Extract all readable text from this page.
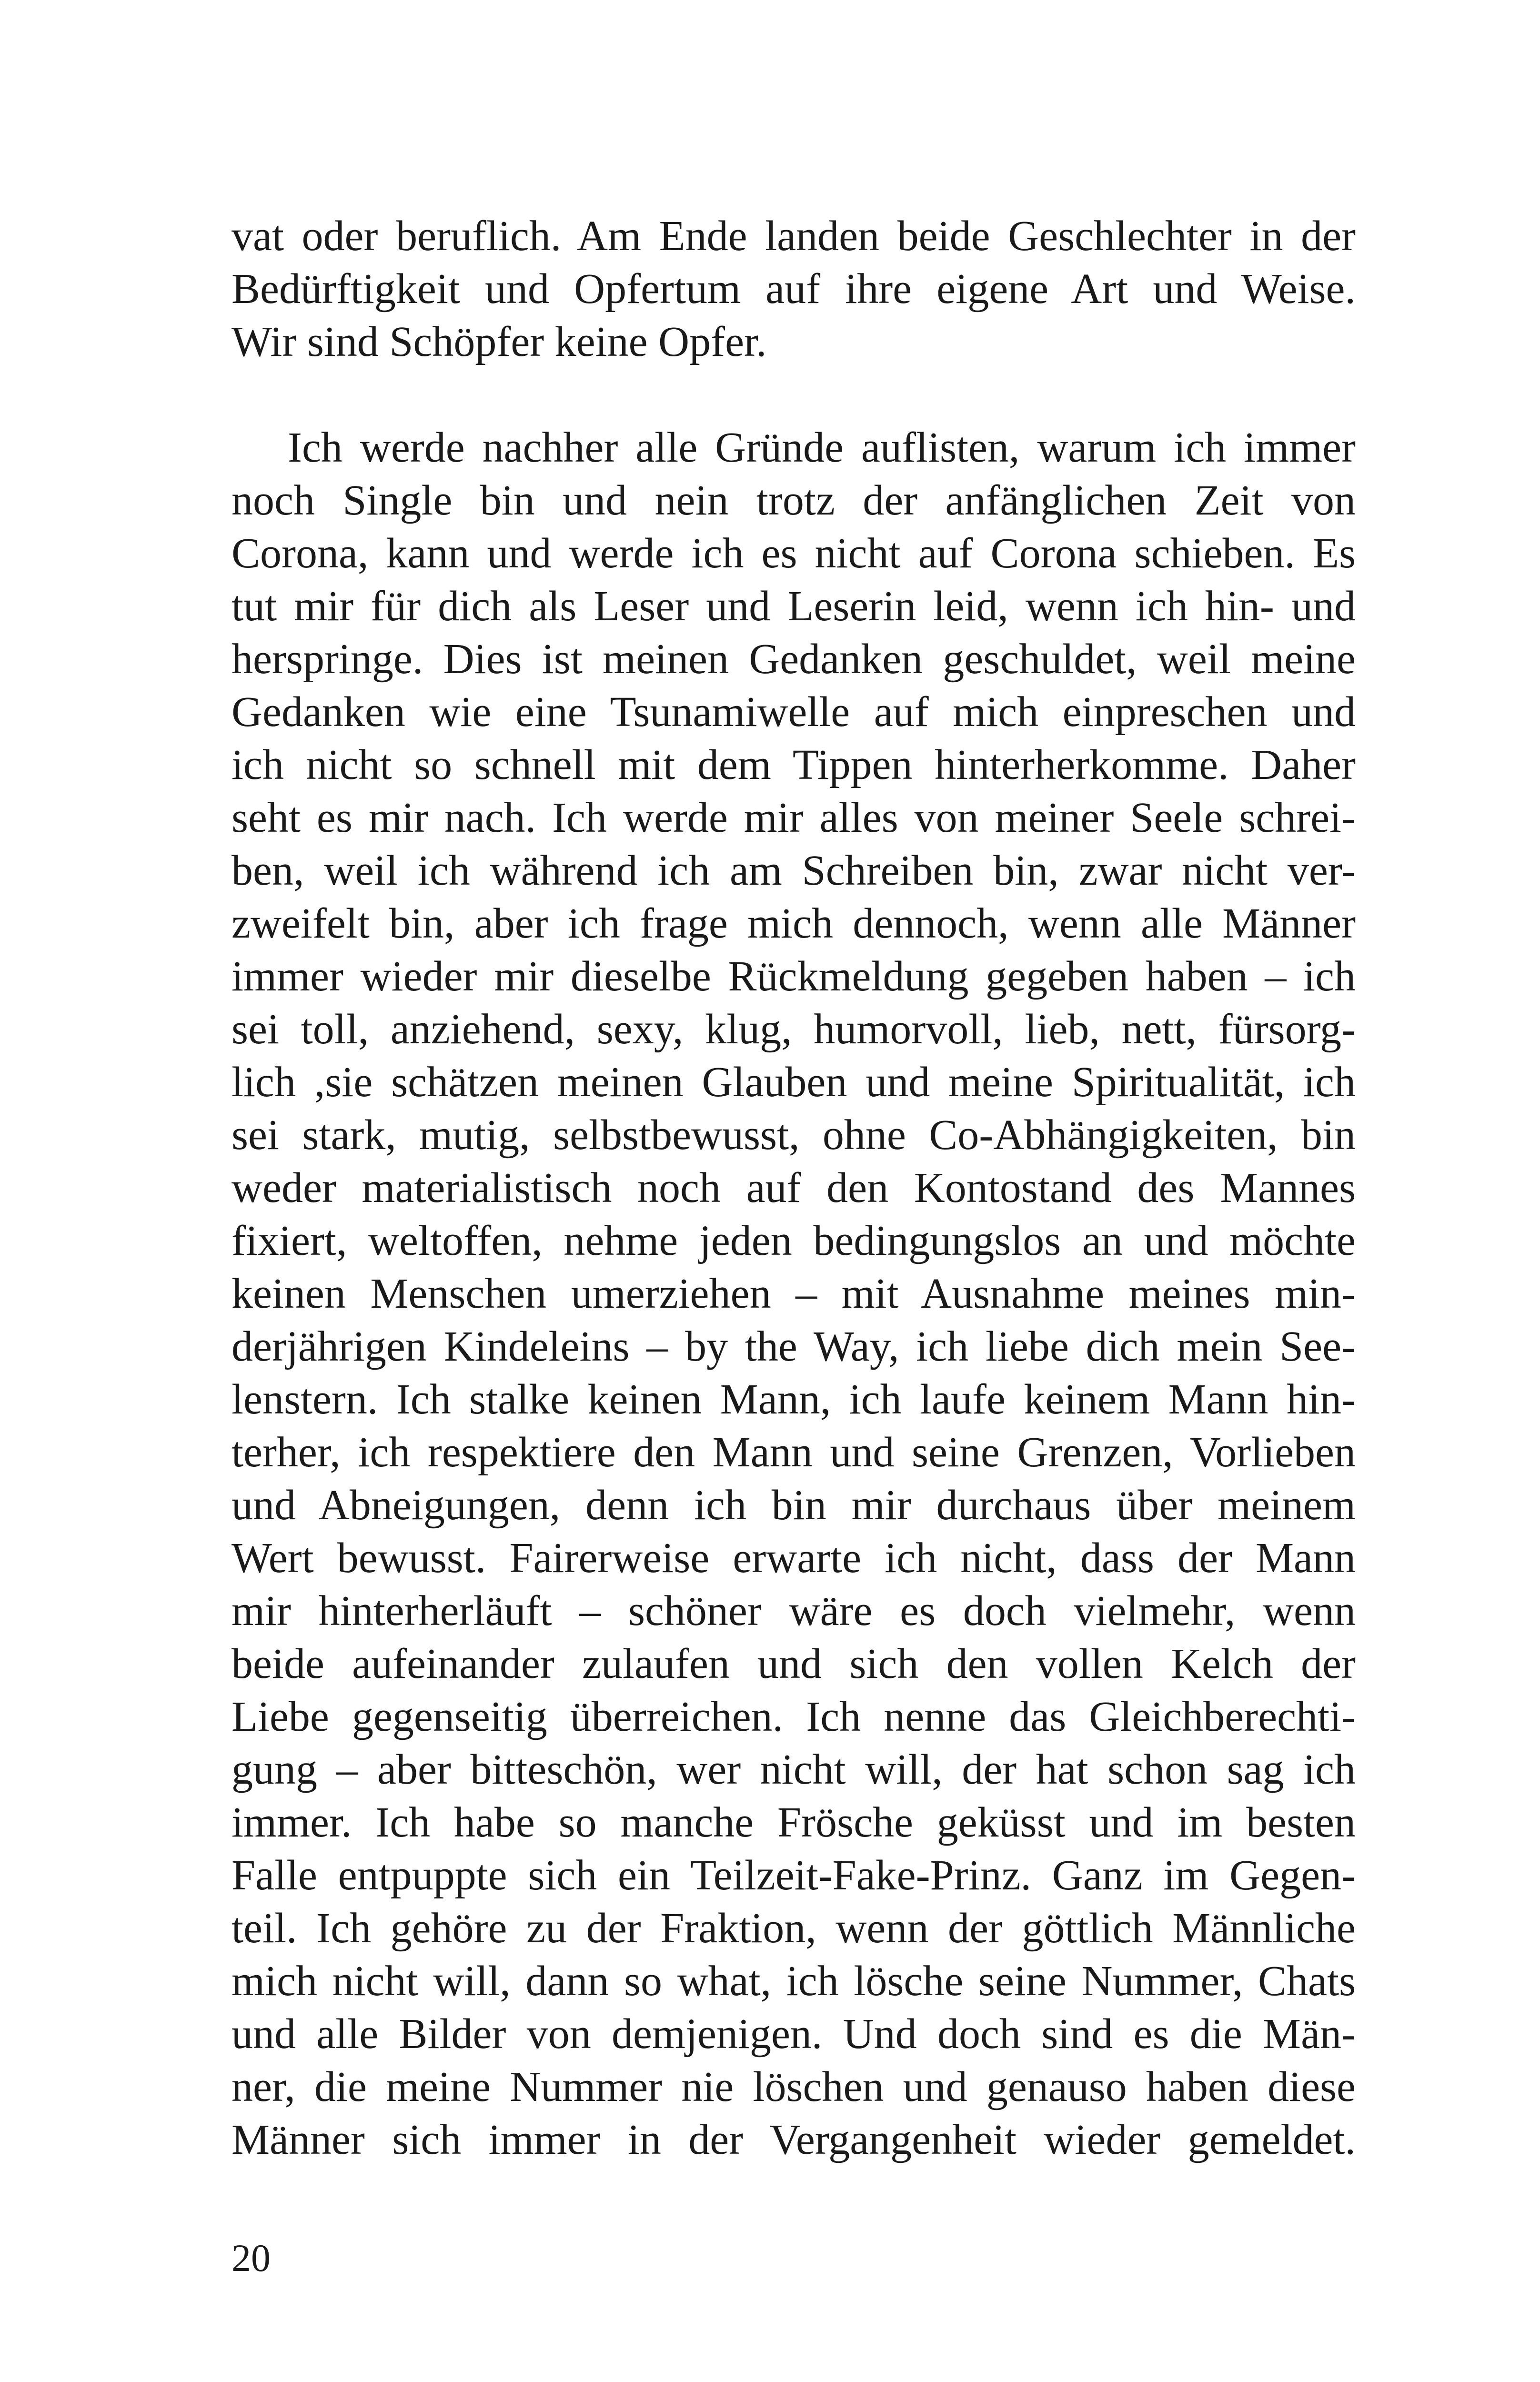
vat oder beruflich. Am Ende landen beide Geschlechter in der
Bedürftigkeit und Opfertum auf ihre eigene Art und Weise.
Wir sind Schöpfer keine Opfer.

Ich werde nachher alle Gründe auflisten, warum ich immer
noch Single bin und nein trotz der anfänglichen Zeit von
Corona, kann und werde ich es nicht auf Corona schieben. Es
tut mir für dich als Leser und Leserin leid, wenn ich hin- und
herspringe. Dies ist meinen Gedanken geschuldet, weil meine
Gedanken wie eine Tsunamiwelle auf mich einpreschen und
ich nicht so schnell mit dem Tippen hinterherkomme. Daher
seht es mir nach. Ich werde mir alles von meiner Seele schrei-
ben, weil ich während ich am Schreiben bin, zwar nicht ver-
zweifelt bin, aber ich frage mich dennoch, wenn alle Männer
immer wieder mir dieselbe Rückmeldung gegeben haben – ich
sei toll, anziehend, sexy, klug, humorvoll, lieb, nett, fürsorg-
lich ,sie schätzen meinen Glauben und meine Spiritualität, ich
sei stark, mutig, selbstbewusst, ohne Co-Abhängigkeiten, bin
weder materialistisch noch auf den Kontostand des Mannes
fixiert, weltoffen, nehme jeden bedingungslos an und möchte
keinen Menschen umerziehen – mit Ausnahme meines min-
derjährigen Kindeleins – by the Way, ich liebe dich mein See-
lenstern. Ich stalke keinen Mann, ich laufe keinem Mann hin-
terher, ich respektiere den Mann und seine Grenzen, Vorlieben
und Abneigungen, denn ich bin mir durchaus über meinem
Wert bewusst. Fairerweise erwarte ich nicht, dass der Mann
mir hinterherläuft – schöner wäre es doch vielmehr, wenn
beide aufeinander zulaufen und sich den vollen Kelch der
Liebe gegenseitig überreichen. Ich nenne das Gleichberechti-
gung – aber bitteschön, wer nicht will, der hat schon sag ich
immer. Ich habe so manche Frösche geküsst und im besten
Falle entpuppte sich ein Teilzeit-Fake-Prinz. Ganz im Gegen-
teil. Ich gehöre zu der Fraktion, wenn der göttlich Männliche
mich nicht will, dann so what, ich lösche seine Nummer, Chats
und alle Bilder von demjenigen. Und doch sind es die Män-
ner, die meine Nummer nie löschen und genauso haben diese
Männer sich immer in der Vergangenheit wieder gemeldet.

20
